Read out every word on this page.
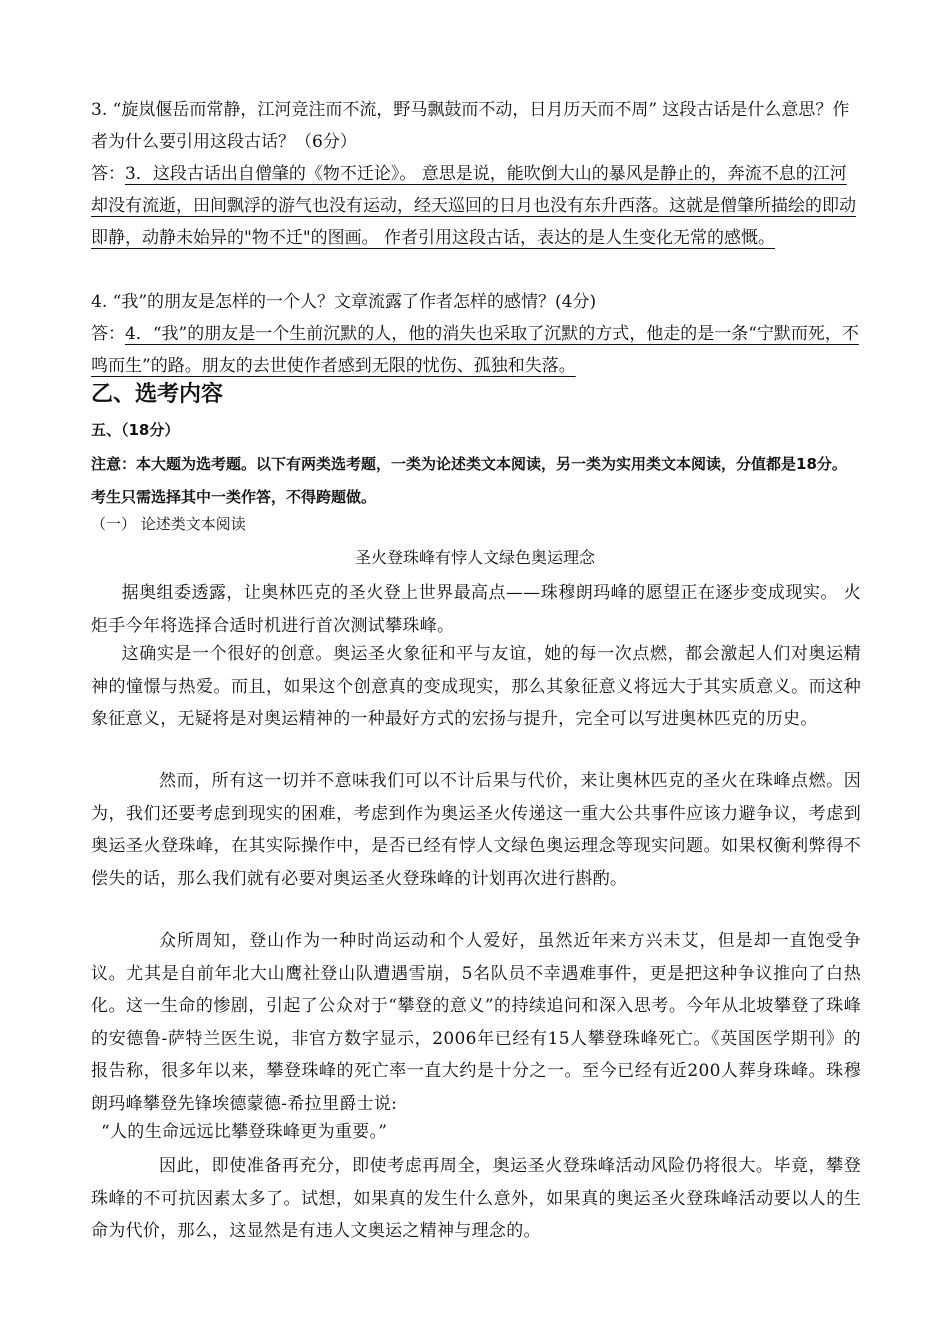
3. “旋岚偃岳而常静，江河竞注而不流，野马飘鼓而不动，日月历天而不周” 这段古话是什么意思？作者为什么要引用这段古话？（6分）
答：3．这段古话出自僧肇的《物不迁论》。 意思是说，能吹倒大山的暴风是静止的，奔流不息的江河却没有流逝，田间飘浮的游气也没有运动，经天巡回的日月也没有东升西落。这就是僧肇所描绘的即动即静，动静未始异的"物不迁"的图画。 作者引用这段古话，表达的是人生变化无常的感慨。
4. “我”的朋友是怎样的一个人？文章流露了作者怎样的感情？(4分)
答：4．“我”的朋友是一个生前沉默的人，他的消失也采取了沉默的方式，他走的是一条“宁默而死，不鸣而生”的路。朋友的去世使作者感到无限的忧伤、孤独和失落。
乙、选考内容
五、（18分）
注意：本大题为选考题。以下有两类选考题，一类为论述类文本阅读，另一类为实用类文本阅读，分值都是18分。考生只需选择其中一类作答，不得跨题做。
（一） 论述类文本阅读
圣火登珠峰有悖人文绿色奥运理念
据奥组委透露，让奥林匹克的圣火登上世界最高点——珠穆朗玛峰的愿望正在逐步变成现实。 火炬手今年将选择合适时机进行首次测试攀珠峰。
这确实是一个很好的创意。奥运圣火象征和平与友谊，她的每一次点燃，都会激起人们对奥运精神的憧憬与热爱。而且，如果这个创意真的变成现实，那么其象征意义将远大于其实质意义。而这种象征意义，无疑将是对奥运精神的一种最好方式的宏扬与提升，完全可以写进奥林匹克的历史。
然而，所有这一切并不意味我们可以不计后果与代价，来让奥林匹克的圣火在珠峰点燃。因为，我们还要考虑到现实的困难，考虑到作为奥运圣火传递这一重大公共事件应该力避争议，考虑到奥运圣火登珠峰，在其实际操作中，是否已经有悖人文绿色奥运理念等现实问题。如果权衡利弊得不偿失的话，那么我们就有必要对奥运圣火登珠峰的计划再次进行斟酌。
众所周知，登山作为一种时尚运动和个人爱好，虽然近年来方兴未艾，但是却一直饱受争议。尤其是自前年北大山鹰社登山队遭遇雪崩，5名队员不幸遇难事件，更是把这种争议推向了白热化。这一生命的惨剧，引起了公众对于“攀登的意义”的持续追问和深入思考。今年从北坡攀登了珠峰的安德鲁-萨特兰医生说，非官方数字显示，2006年已经有15人攀登珠峰死亡。《英国医学期刊》的报告称，很多年以来，攀登珠峰的死亡率一直大约是十分之一。至今已经有近200人葬身珠峰。珠穆朗玛峰攀登先锋埃德蒙德-希拉里爵士说:
“人的生命远远比攀登珠峰更为重要。”
因此，即使准备再充分，即使考虑再周全，奥运圣火登珠峰活动风险仍将很大。毕竟，攀登珠峰的不可抗因素太多了。试想，如果真的发生什么意外，如果真的奥运圣火登珠峰活动要以人的生命为代价，那么，这显然是有违人文奥运之精神与理念的。
